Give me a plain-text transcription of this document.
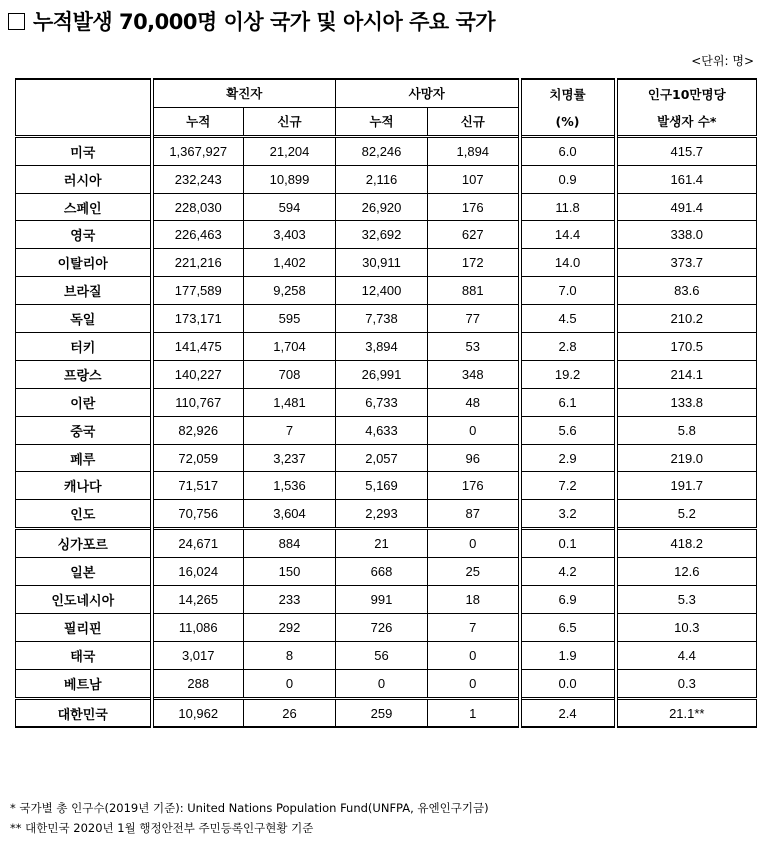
누적발생 70,000명 이상 국가 및 아시아 주요 국가
<단위: 명>
	확진자		사망자		치명률	인구10만명당
	누적	신규	누적	신규	(%)	발생자 수*
미국	1,367,927	21,204	82,246	1,894	6.0	415.7
러시아	232,243	10,899	2,116	107	0.9	161.4
스페인	228,030	594	26,920	176	11.8	491.4
영국	226,463	3,403	32,692	627	14.4	338.0
이탈리아	221,216	1,402	30,911	172	14.0	373.7
브라질	177,589	9,258	12,400	881	7.0	83.6
독일	173,171	595	7,738	77	4.5	210.2
터키	141,475	1,704	3,894	53	2.8	170.5
프랑스	140,227	708	26,991	348	19.2	214.1
이란	110,767	1,481	6,733	48	6.1	133.8
중국	82,926	7	4,633	0	5.6	5.8
페루	72,059	3,237	2,057	96	2.9	219.0
캐나다	71,517	1,536	5,169	176	7.2	191.7
인도	70,756	3,604	2,293	87	3.2	5.2
싱가포르	24,671	884	21	0	0.1	418.2
일본	16,024	150	668	25	4.2	12.6
인도네시아	14,265	233	991	18	6.9	5.3
필리핀	11,086	292	726	7	6.5	10.3
태국	3,017	8	56	0	1.9	4.4
베트남	288	0	0	0	0.0	0.3
대한민국	10,962	26	259	1	2.4	21.1**
* 국가별 총 인구수(2019년 기준): United Nations Population Fund(UNFPA, 유엔인구기금)
** 대한민국 2020년 1월 행정안전부 주민등록인구현황 기준
